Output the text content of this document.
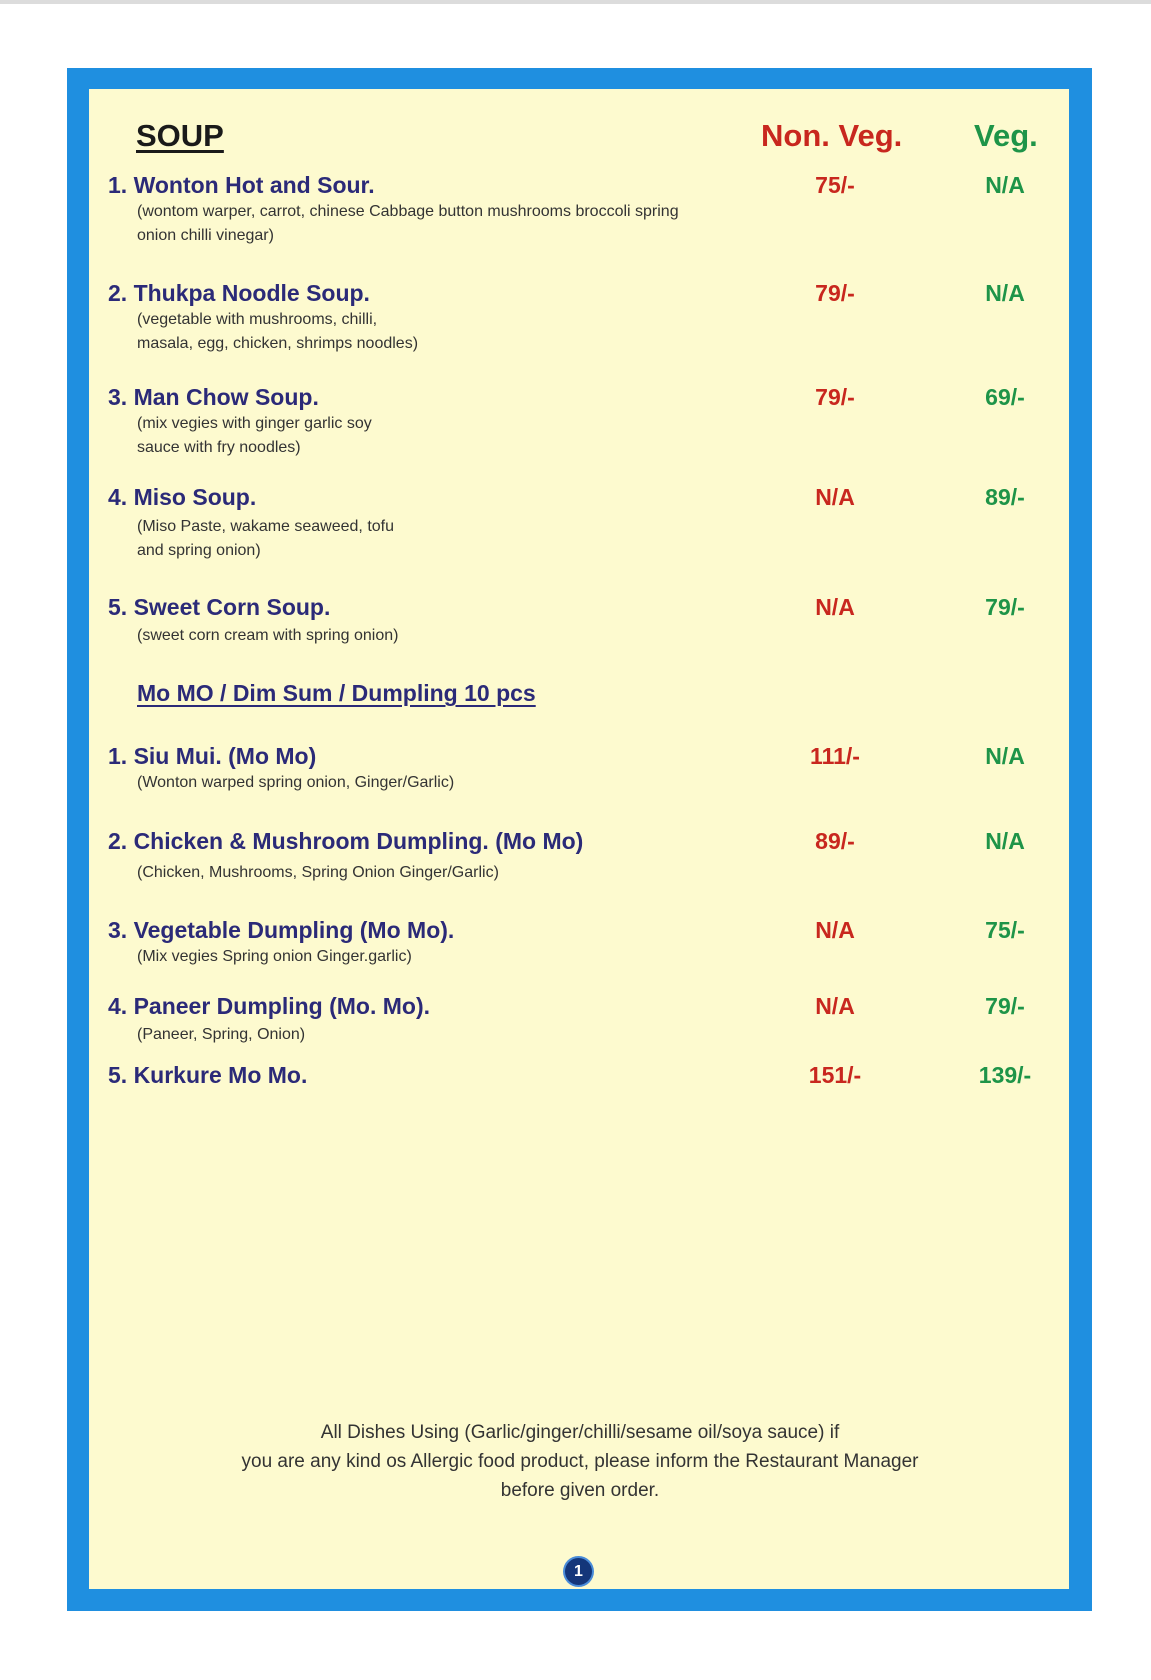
SOUP	Non. Veg. Veg.
1. Wonton Hot and Sour.
(wontom warper, carrot, chinese Cabbage button mushrooms broccoli spring onion chilli vinegar)
75/-	N/A
2. Thukpa Noodle Soup.
(vegetable with mushrooms, chilli, masala, egg, chicken, shrimps noodles)
79/-	N/A
3. Man Chow Soup.
(mix vegies with ginger garlic soy sauce with fry noodles)
79/-	69/-
4. Miso Soup.
(Miso Paste, wakame seaweed, tofu and spring onion)
N/A	89/-
5. Sweet Corn Soup.
(sweet corn cream with spring onion)
N/A	79/-
Mo MO / Dim Sum / Dumpling 10 pcs
1. Siu Mui. (Mo Mo)
(Wonton warped spring onion, Ginger/Garlic)
111/-	N/A
2. Chicken & Mushroom Dumpling. (Mo Mo)
(Chicken, Mushrooms, Spring Onion Ginger/Garlic)
89/-	N/A
3. Vegetable Dumpling (Mo Mo).
(Mix vegies Spring onion Ginger.garlic)
N/A	75/-
4. Paneer Dumpling (Mo. Mo).
(Paneer, Spring, Onion)
N/A	79/-
5. Kurkure Mo Mo.	151/-	139/-
All Dishes Using (Garlic/ginger/chilli/sesame oil/soya sauce) if
you are any kind os Allergic food product, please inform the Restaurant Manager
before given order.
1
